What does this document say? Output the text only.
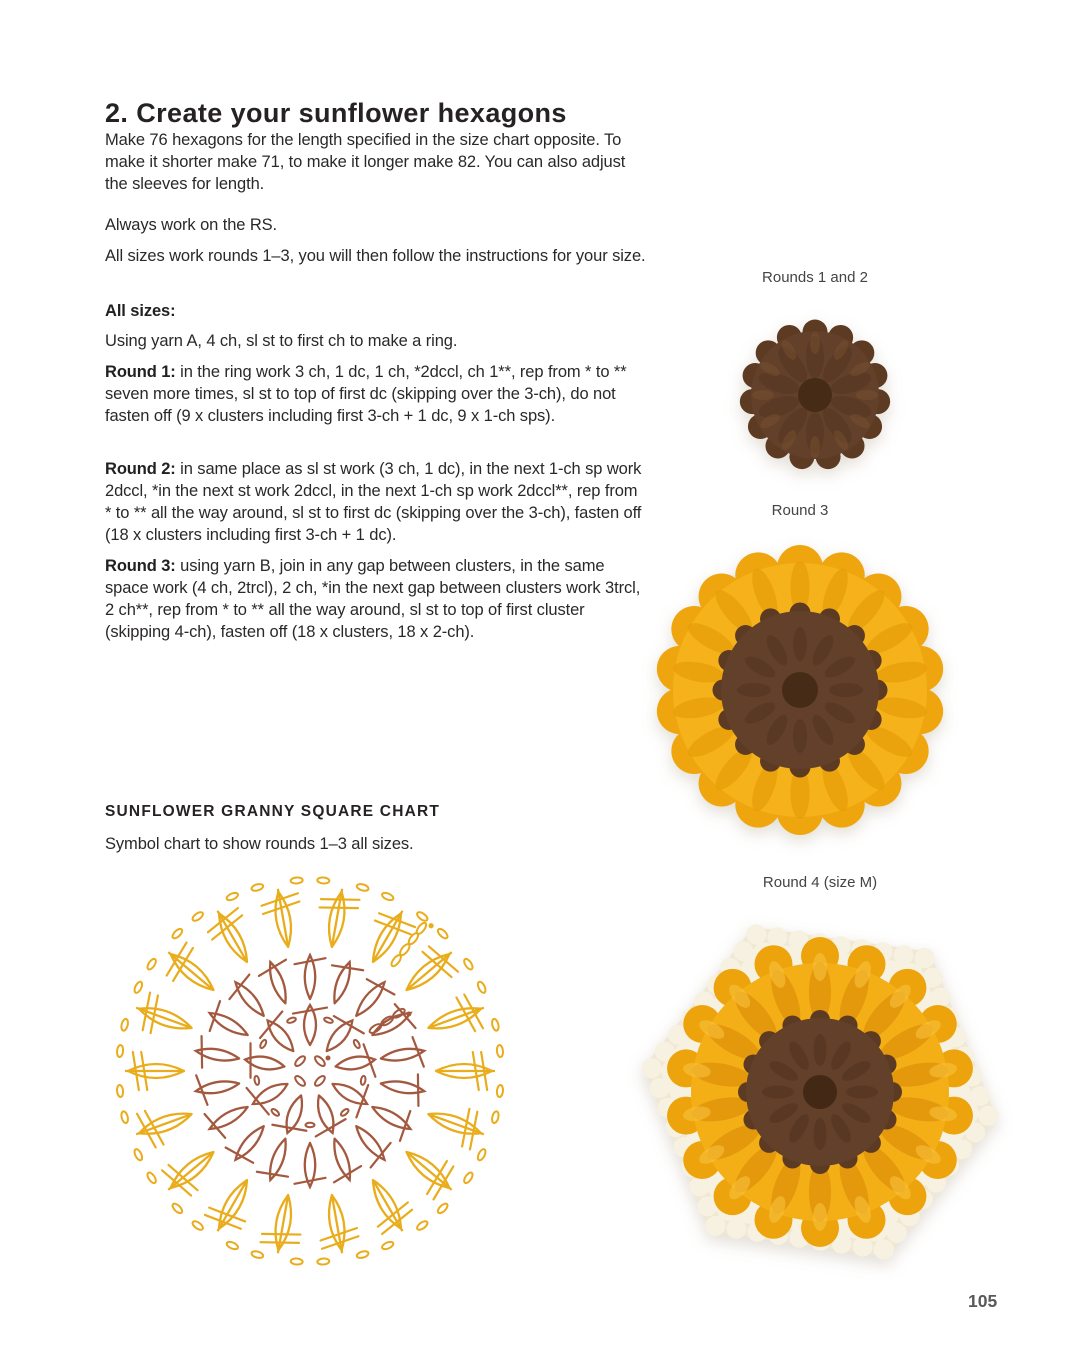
2. Create your sunflower hexagons

Make 76 hexagons for the length specified in the size chart opposite. To make it shorter make 71, to make it longer make 82. You can also adjust the sleeves for length.

Always work on the RS.

All sizes work rounds 1–3, you will then follow the instructions for your size.

All sizes:

Using yarn A, 4 ch, sl st to first ch to make a ring.

Round 1: in the ring work 3 ch, 1 dc, 1 ch, *2dccl, ch 1**, rep from * to ** seven more times, sl st to top of first dc (skipping over the 3-ch), do not fasten off (9 x clusters including first 3-ch + 1 dc, 9 x 1-ch sps).

Round 2: in same place as sl st work (3 ch, 1 dc), in the next 1-ch sp work 2dccl, *in the next st work 2dccl, in the next 1-ch sp work 2dccl**, rep from * to ** all the way around, sl st to first dc (skipping over the 3-ch), fasten off (18 x clusters including first 3-ch + 1 dc).

Round 3: using yarn B, join in any gap between clusters, in the same space work (4 ch, 2trcl), 2 ch, *in the next gap between clusters work 3trcl, 2 ch**, rep from * to ** all the way around, sl st to top of first cluster (skipping 4-ch), fasten off (18 x clusters, 18 x 2-ch).

SUNFLOWER GRANNY SQUARE CHART

Symbol chart to show rounds 1–3 all sizes.

Rounds 1 and 2
Round 3
Round 4 (size M)
105
